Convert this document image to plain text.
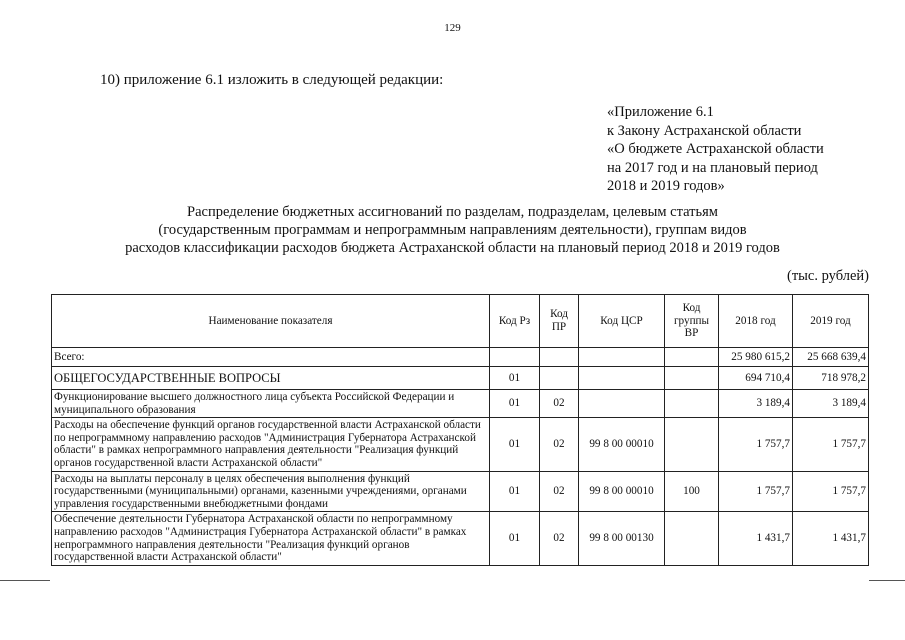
129
10) приложение 6.1 изложить в следующей редакции:
«Приложение 6.1
к Закону Астраханской области
«О бюджете Астраханской области
на 2017 год и на плановый период
2018 и 2019 годов»
Распределение бюджетных ассигнований по разделам, подразделам, целевым статьям
(государственным программам и непрограммным направлениям деятельности), группам видов
расходов классификации расходов бюджета Астраханской области на плановый период 2018 и 2019 годов
(тыс. рублей)
Наименование показателя	Код Рз	Код ПР	Код ЦСР	Код группы ВР	2018 год	2019 год
Всего:					25 980 615,2	25 668 639,4
ОБЩЕГОСУДАРСТВЕННЫЕ ВОПРОСЫ	01				694 710,4	718 978,2
Функционирование высшего должностного лица субъекта Российской Федерации и муниципального образования	01	02			3 189,4	3 189,4
Расходы на обеспечение функций органов государственной власти Астраханской области по непрограммному направлению расходов "Администрация Губернатора Астраханской области" в рамках непрограммного направления деятельности "Реализация функций органов государственной власти Астраханской области"	01	02	99 8 00 00010		1 757,7	1 757,7
Расходы на выплаты персоналу в целях обеспечения выполнения функций государственными (муниципальными) органами, казенными учреждениями, органами управления государственными внебюджетными фондами	01	02	99 8 00 00010	100	1 757,7	1 757,7
Обеспечение деятельности Губернатора Астраханской области по непрограммному направлению расходов "Администрация Губернатора Астраханской области" в рамках непрограммного направления деятельности "Реализация функций органов государственной власти Астраханской области"	01	02	99 8 00 00130		1 431,7	1 431,7
